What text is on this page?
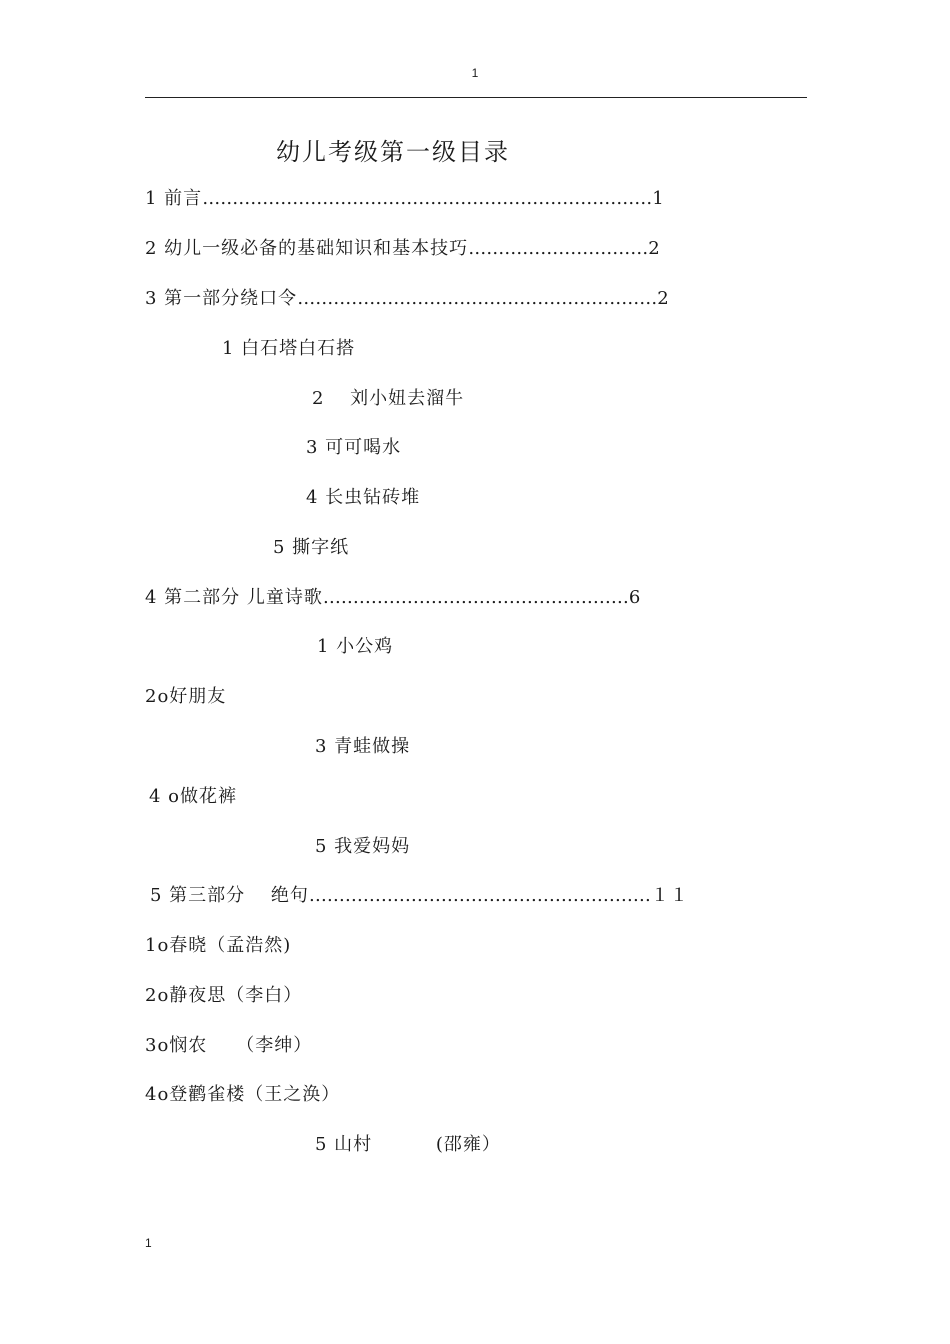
1
幼儿考级第一级目录
1 前言 ………………………………………………………………… 1
2 幼儿一级必备的基础知识和基本技巧 ………………………… 2
3 第一部分绕口令 …………………………………………………… 2
1 白石塔白石搭
2　 刘小妞去溜牛
3 可可喝水
4 长虫钻砖堆
5 撕字纸
4 第二部分 儿童诗歌 …………………………………………… 6
1 小公鸡
2o好朋友
3 青蛙做操
4 o做花裤
5 我爱妈妈
5 第三部分　 绝句 ………………………………………………… １１
1o春晓（孟浩然)
2o静夜思（李白）
3o悯农　　（李绅）
4o登鹳雀楼（王之涣）
5 山村　　　 (邵雍）
1
